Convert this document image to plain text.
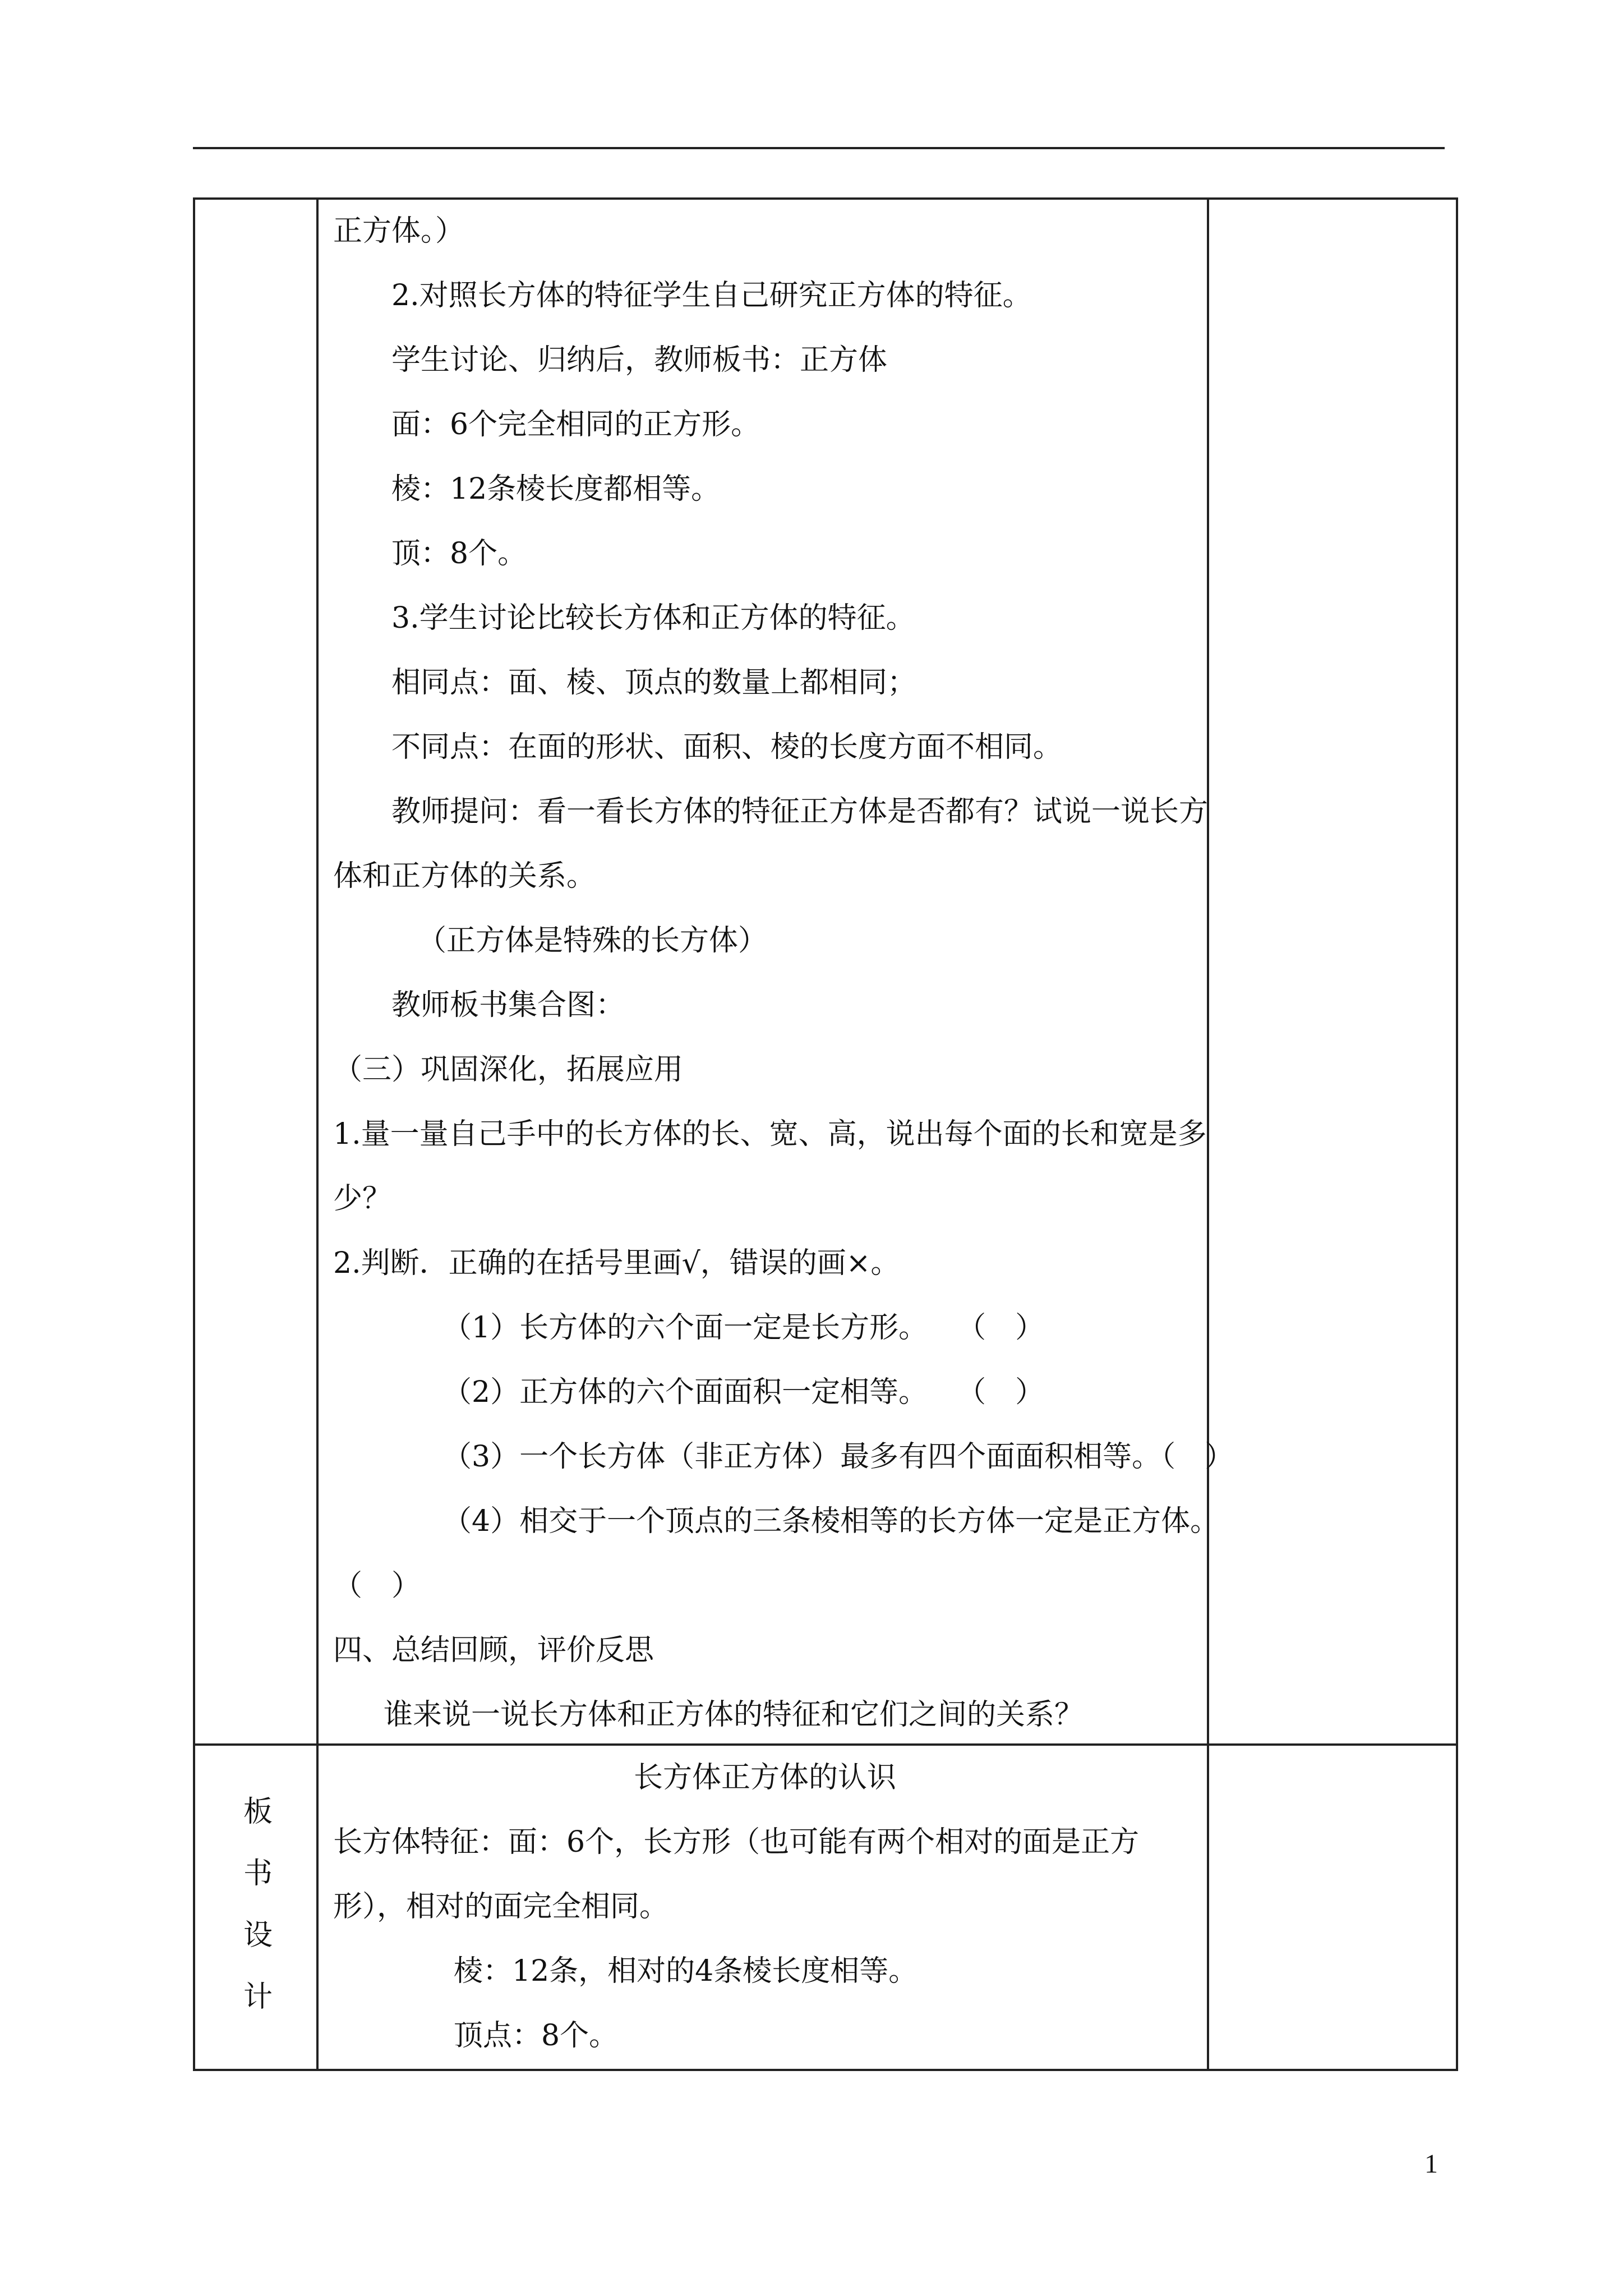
正方体。）
2.对照长方体的特征学生自己研究正方体的特征。
学生讨论、归纳后，教师板书：正方体
面：6个完全相同的正方形。
棱：12条棱长度都相等。
顶：8个。
3.学生讨论比较长方体和正方体的特征。
相同点：面、棱、顶点的数量上都相同；
不同点：在面的形状、面积、棱的长度方面不相同。
教师提问：看一看长方体的特征正方体是否都有？试说一说长方
体和正方体的关系。
（正方体是特殊的长方体）
教师板书集合图：
（三）巩固深化，拓展应用
1.量一量自己手中的长方体的长、宽、高，说出每个面的长和宽是多
少？
2.判断．正确的在括号里画√，错误的画×。
（1）长方体的六个面一定是长方形。　　（　）
（2）正方体的六个面面积一定相等。　　（　）
（3）一个长方体（非正方体）最多有四个面面积相等。（　）
（4）相交于一个顶点的三条棱相等的长方体一定是正方体。
（　）
四、总结回顾，评价反思
谁来说一说长方体和正方体的特征和它们之间的关系？
板
书
设
计
长方体正方体的认识
长方体特征：面：6个，长方形（也可能有两个相对的面是正方
形），相对的面完全相同。
棱：12条，相对的4条棱长度相等。
顶点：8个。
1
